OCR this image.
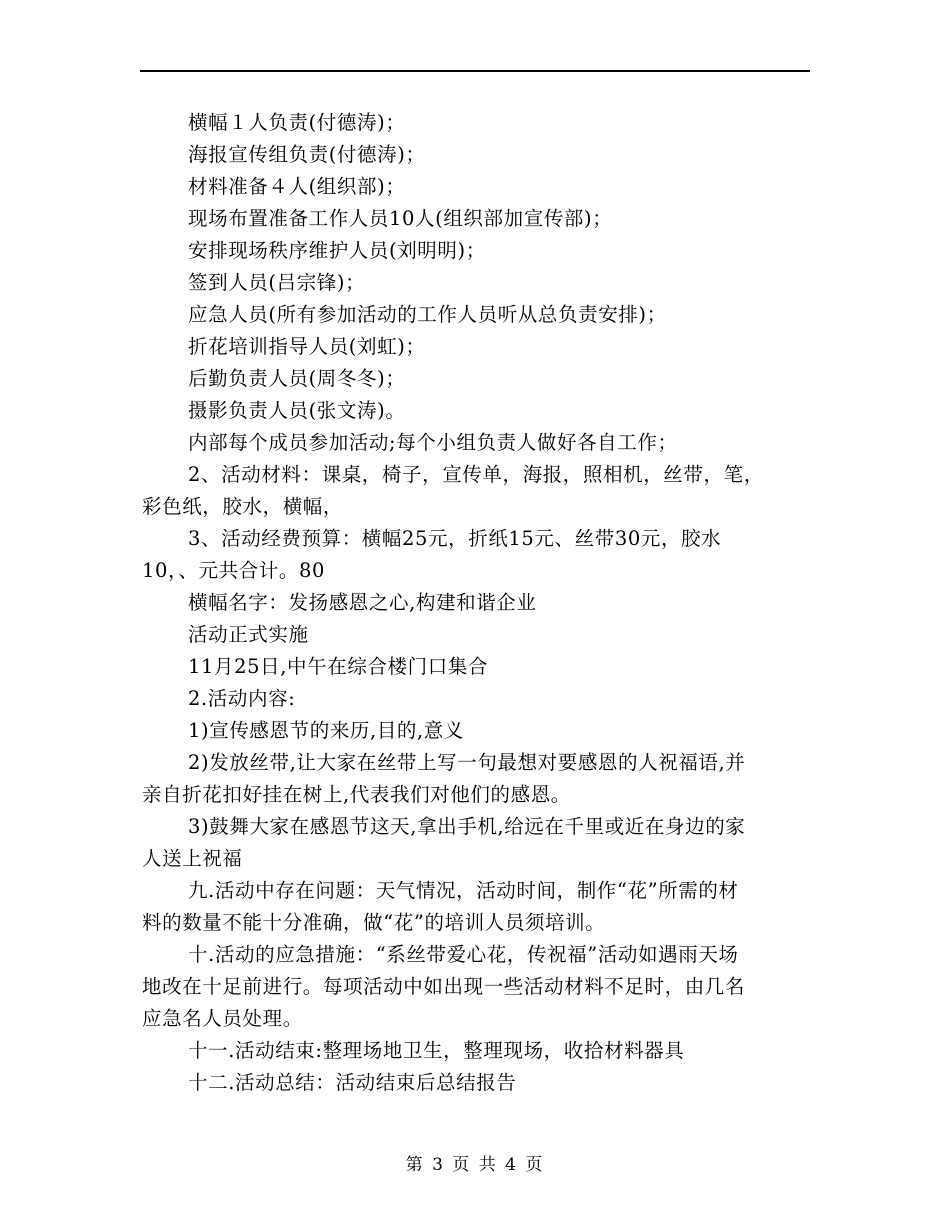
横幅１人负责(付德涛)；
海报宣传组负责(付德涛)；
材料准备４人(组织部)；
现场布置准备工作人员10人(组织部加宣传部)；
安排现场秩序维护人员(刘明明)；
签到人员(吕宗锋)；
应急人员(所有参加活动的工作人员听从总负责安排)；
折花培训指导人员(刘虹)；
后勤负责人员(周冬冬)；
摄影负责人员(张文涛)。
内部每个成员参加活动;每个小组负责人做好各自工作；
2、活动材料：课桌，椅子，宣传单，海报，照相机，丝带，笔，
彩色纸，胶水，横幅，
3、活动经费预算：横幅25元，折纸15元、丝带30元，胶水
10，、元共合计。80
横幅名字：发扬感恩之心,构建和谐企业
活动正式实施
11月25日,中午在综合楼门口集合
2.活动内容:
1)宣传感恩节的来历,目的,意义
2)发放丝带,让大家在丝带上写一句最想对要感恩的人祝福语,并
亲自折花扣好挂在树上,代表我们对他们的感恩。
3)鼓舞大家在感恩节这天,拿出手机,给远在千里或近在身边的家
人送上祝福
九.活动中存在问题：天气情况，活动时间，制作“花”所需的材
料的数量不能十分准确，做“花”的培训人员须培训。
十.活动的应急措施：“系丝带爱心花，传祝福”活动如遇雨天场
地改在十足前进行。每项活动中如出现一些活动材料不足时，由几名
应急名人员处理。
十一.活动结束:整理场地卫生，整理现场，收拾材料器具
十二.活动总结：活动结束后总结报告
第 3 页 共 4 页
